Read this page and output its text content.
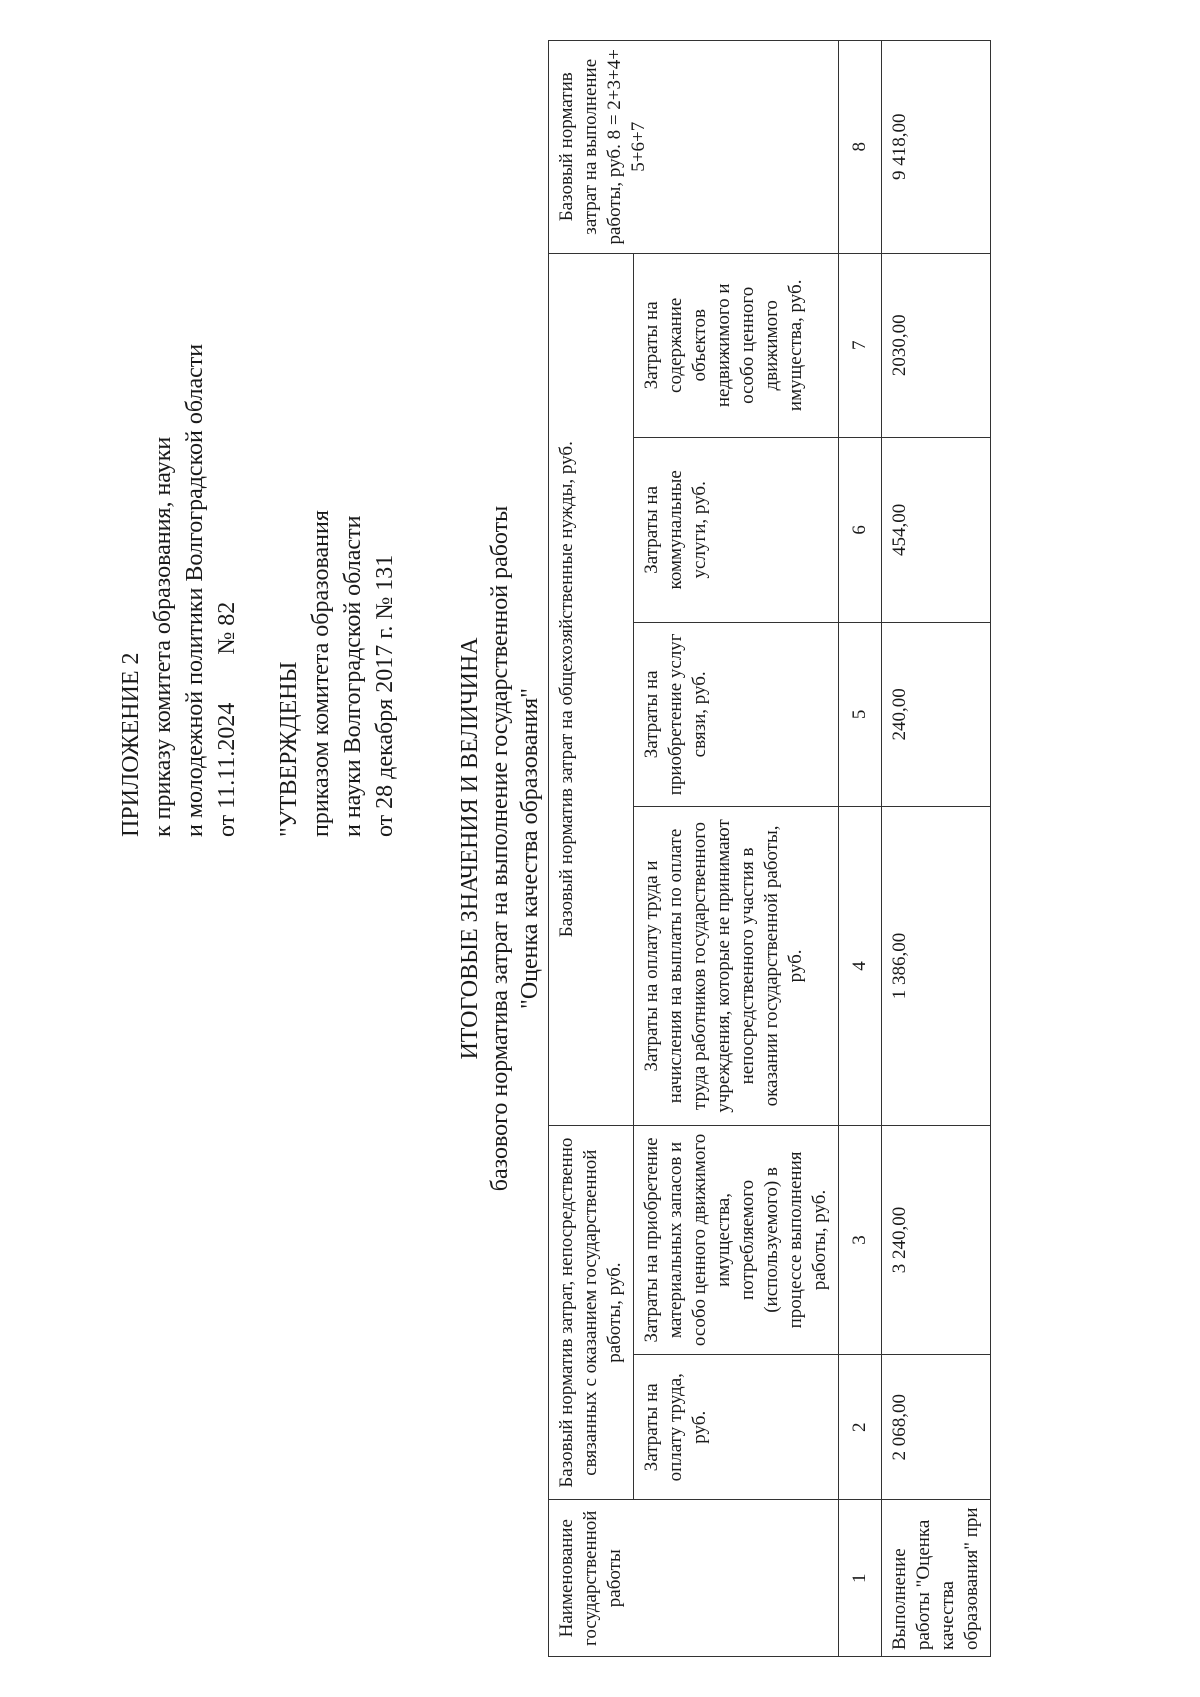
ПРИЛОЖЕНИЕ 2 к приказу комитета образования, науки и молодежной политики Волгоградской области от 11.11.2024№ 82
"УТВЕРЖДЕНЫ приказом комитета образования и науки Волгоградской области от 28 декабря 2017 г. № 131 ИТОГОВЫЕ ЗНАЧЕНИЯ И ВЕЛИЧИНА базового норматива затрат на выполнение государственной работы "Оценка качества образования"
Наименование государственной работы	Базовый норматив затрат, непосредственно связанных с оказанием государственной работы, руб.		Базовый норматив затрат на общехозяйственные нужды, руб.				Базовый норматив затрат на выполнение работы, руб. 8 = 2+3+4+ 5+6+7
	Затраты на оплату труда, руб.	Затраты на приобретение материальных запасов и особо ценного движимого имущества, потребляемого (используемого) в процессе выполнения работы, руб.	Затраты на оплату труда и начисления на выплаты по оплате труда работников государственного учреждения, которые не принимают непосредственного участия в оказании государственной работы, руб.	Затраты на приобретение услуг связи, руб.	Затраты на коммунальные услуги, руб.	Затраты на содержание объектов недвижимого и особо ценного движимого имущества, руб.	
1	2	3	4	5	6	7	8
Выполнение работы "Оценка качества образования" при	2 068,00	3 240,00	1 386,00	240,00	454,00	2030,00	9 418,00
